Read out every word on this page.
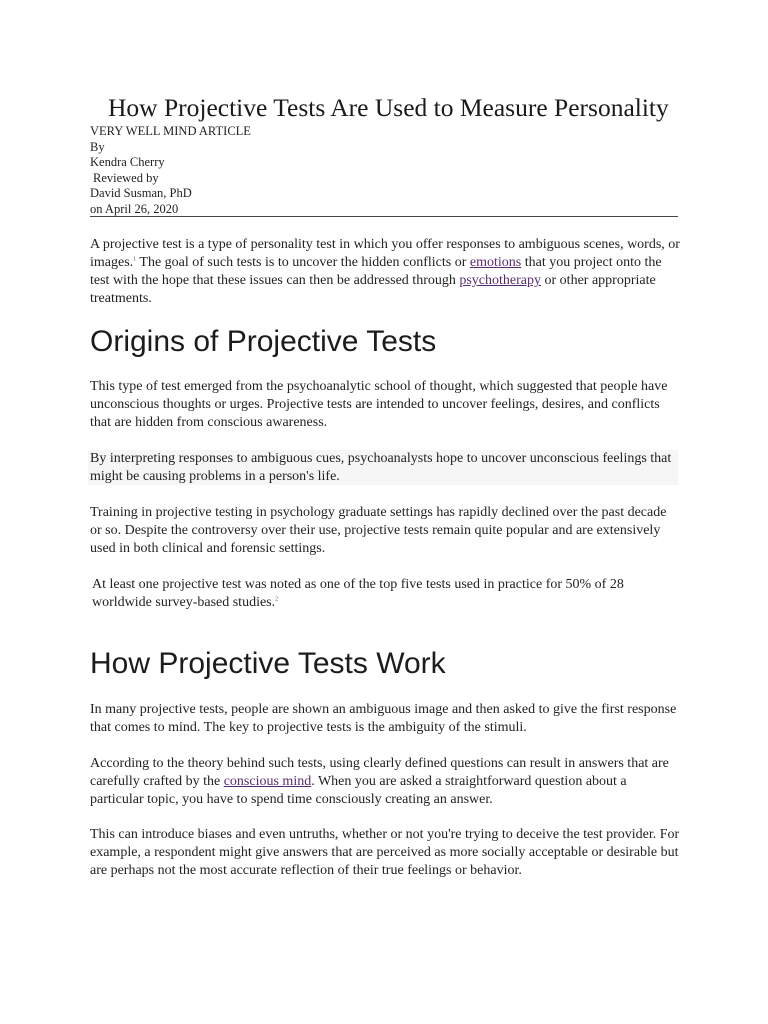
How Projective Tests Are Used to Measure Personality
VERY WELL MIND ARTICLE
By
Kendra Cherry
Reviewed by
David Susman, PhD
on April 26, 2020

A projective test is a type of personality test in which you offer responses to ambiguous scenes, words, or images.$^1$ The goal of such tests is to uncover the hidden conflicts or emotions that you project onto the test with the hope that these issues can then be addressed through psychotherapy or other appropriate treatments.

Origins of Projective Tests

This type of test emerged from the psychoanalytic school of thought, which suggested that people have unconscious thoughts or urges. Projective tests are intended to uncover feelings, desires, and conflicts that are hidden from conscious awareness.

By interpreting responses to ambiguous cues, psychoanalysts hope to uncover unconscious feelings that might be causing problems in a person's life.

Training in projective testing in psychology graduate settings has rapidly declined over the past decade or so. Despite the controversy over their use, projective tests remain quite popular and are extensively used in both clinical and forensic settings.

At least one projective test was noted as one of the top five tests used in practice for 50% of 28 worldwide survey-based studies.$^2$

How Projective Tests Work

In many projective tests, people are shown an ambiguous image and then asked to give the first response that comes to mind. The key to projective tests is the ambiguity of the stimuli.

According to the theory behind such tests, using clearly defined questions can result in answers that are carefully crafted by the conscious mind. When you are asked a straightforward question about a particular topic, you have to spend time consciously creating an answer.

This can introduce biases and even untruths, whether or not you're trying to deceive the test provider. For example, a respondent might give answers that are perceived as more socially acceptable or desirable but are perhaps not the most accurate reflection of their true feelings or behavior.
